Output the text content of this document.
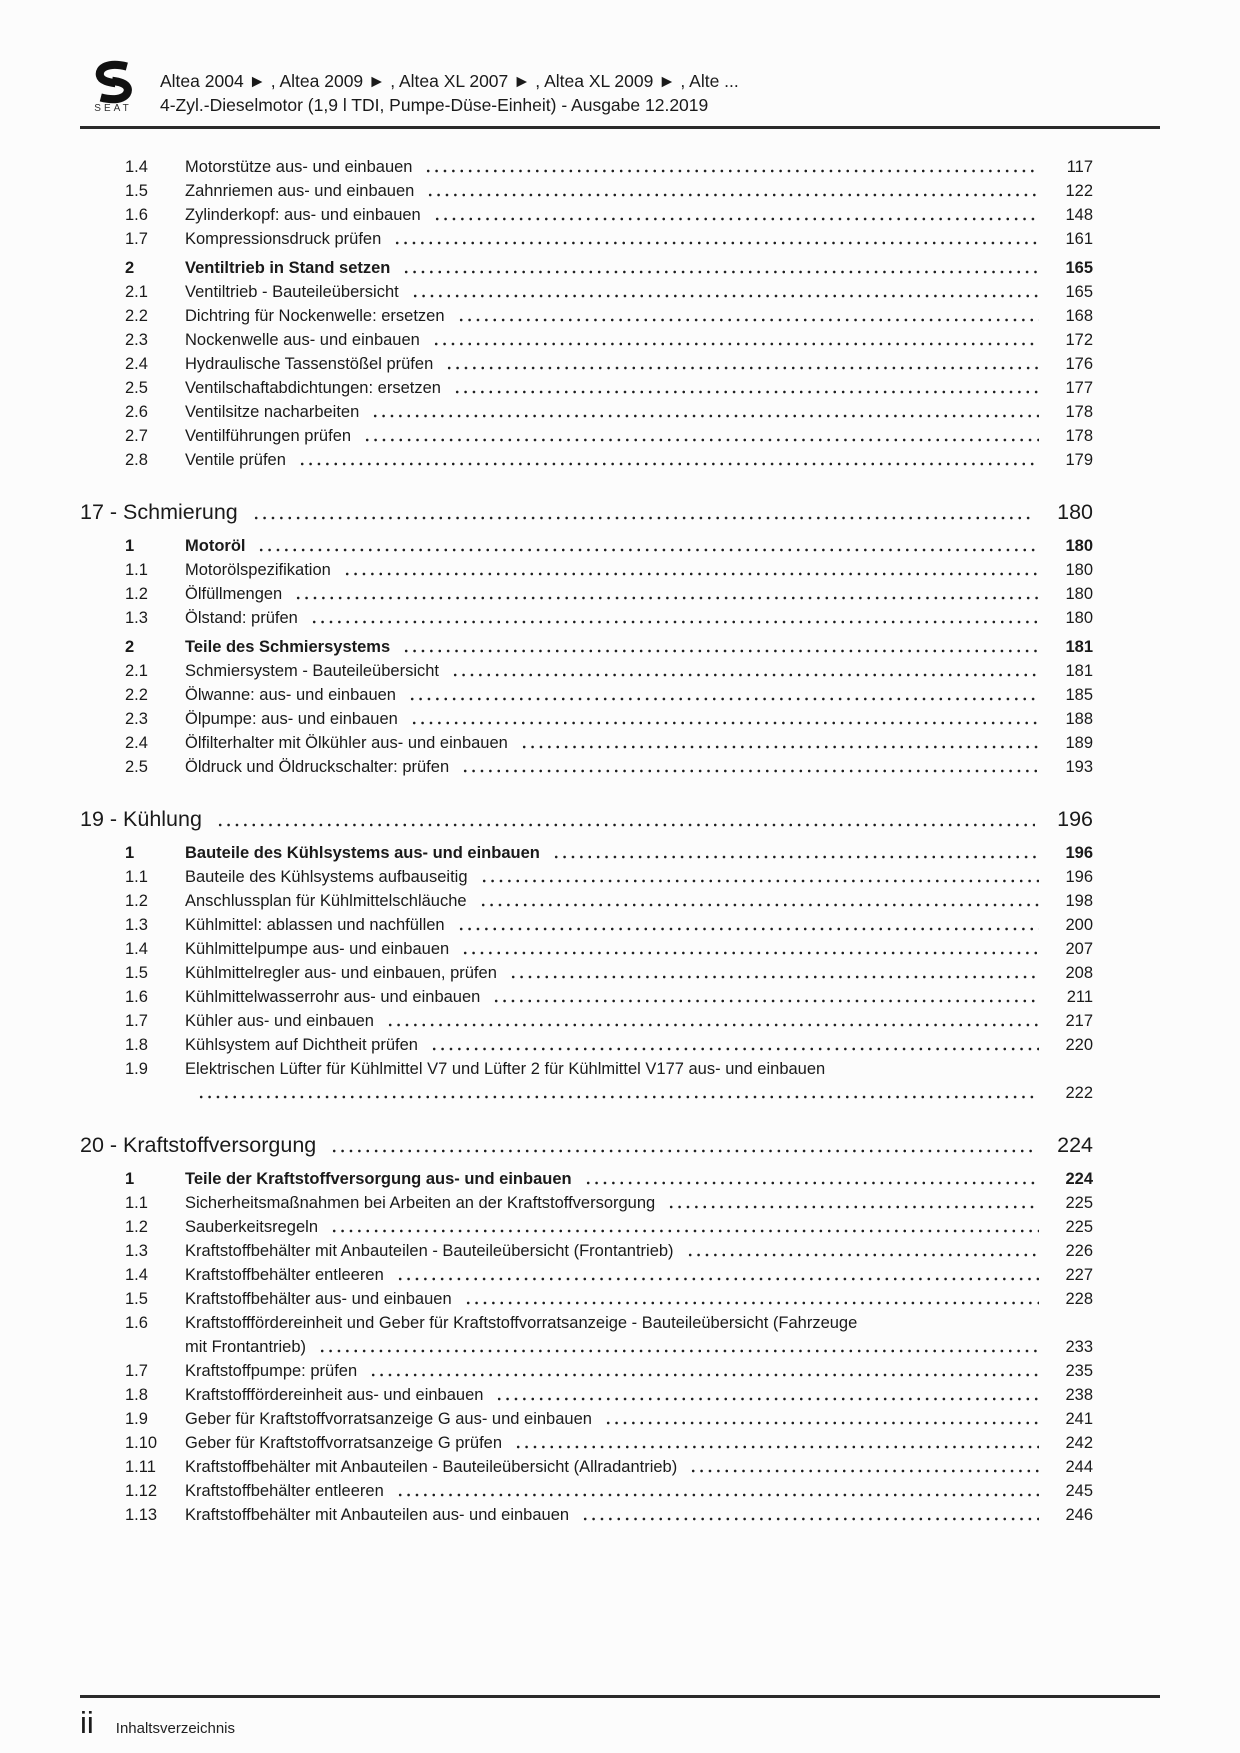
SEAT
Altea 2004 ► , Altea 2009 ► , Altea XL 2007 ► , Altea XL 2009 ► , Alte ...
4-Zyl.-Dieselmotor (1,9 l TDI, Pumpe-Düse-Einheit) - Ausgabe 12.2019
1.4	Motorstütze aus- und einbauen	117
1.5	Zahnriemen aus- und einbauen	122
1.6	Zylinderkopf: aus- und einbauen	148
1.7	Kompressionsdruck prüfen	161
2	Ventiltrieb in Stand setzen	165
2.1	Ventiltrieb - Bauteileübersicht	165
2.2	Dichtring für Nockenwelle: ersetzen	168
2.3	Nockenwelle aus- und einbauen	172
2.4	Hydraulische Tassenstößel prüfen	176
2.5	Ventilschaftabdichtungen: ersetzen	177
2.6	Ventilsitze nacharbeiten	178
2.7	Ventilführungen prüfen	178
2.8	Ventile prüfen	179
17 - Schmierung	180
1	Motoröl	180
1.1	Motorölspezifikation	180
1.2	Ölfüllmengen	180
1.3	Ölstand: prüfen	180
2	Teile des Schmiersystems	181
2.1	Schmiersystem - Bauteileübersicht	181
2.2	Ölwanne: aus- und einbauen	185
2.3	Ölpumpe: aus- und einbauen	188
2.4	Ölfilterhalter mit Ölkühler aus- und einbauen	189
2.5	Öldruck und Öldruckschalter: prüfen	193
19 - Kühlung	196
1	Bauteile des Kühlsystems aus- und einbauen	196
1.1	Bauteile des Kühlsystems aufbauseitig	196
1.2	Anschlussplan für Kühlmittelschläuche	198
1.3	Kühlmittel: ablassen und nachfüllen	200
1.4	Kühlmittelpumpe aus- und einbauen	207
1.5	Kühlmittelregler aus- und einbauen, prüfen	208
1.6	Kühlmittelwasserrohr aus- und einbauen	211
1.7	Kühler aus- und einbauen	217
1.8	Kühlsystem auf Dichtheit prüfen	220
1.9	Elektrischen Lüfter für Kühlmittel V7 und Lüfter 2 für Kühlmittel V177 aus- und einbauen
222
20 - Kraftstoffversorgung	224
1	Teile der Kraftstoffversorgung aus- und einbauen	224
1.1	Sicherheitsmaßnahmen bei Arbeiten an der Kraftstoffversorgung	225
1.2	Sauberkeitsregeln	225
1.3	Kraftstoffbehälter mit Anbauteilen - Bauteileübersicht (Frontantrieb)	226
1.4	Kraftstoffbehälter entleeren	227
1.5	Kraftstoffbehälter aus- und einbauen	228
1.6	Kraftstofffördereinheit und Geber für Kraftstoffvorratsanzeige - Bauteileübersicht (Fahrzeuge
mit Frontantrieb)	233
1.7	Kraftstoffpumpe: prüfen	235
1.8	Kraftstofffördereinheit aus- und einbauen	238
1.9	Geber für Kraftstoffvorratsanzeige G aus- und einbauen	241
1.10	Geber für Kraftstoffvorratsanzeige G prüfen	242
1.11	Kraftstoffbehälter mit Anbauteilen - Bauteileübersicht (Allradantrieb)	244
1.12	Kraftstoffbehälter entleeren	245
1.13	Kraftstoffbehälter mit Anbauteilen aus- und einbauen	246
ii Inhaltsverzeichnis
